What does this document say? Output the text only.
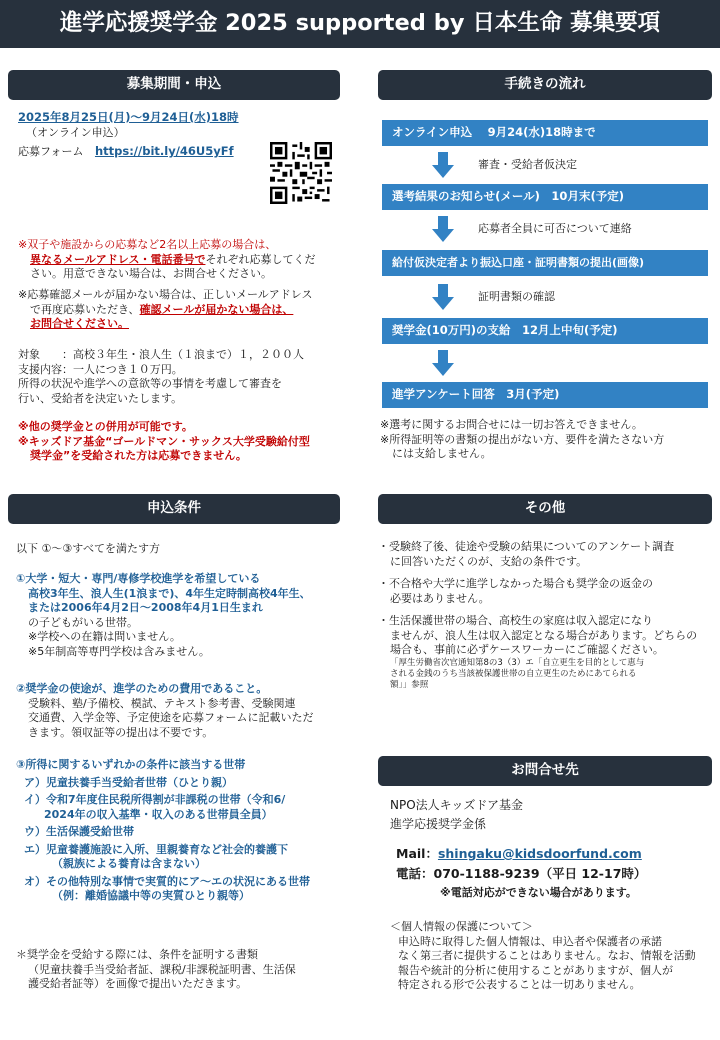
進学応援奨学金 2025 supported by 日本生命 募集要項
募集期間・申込
2025年8月25日(月)～9月24日(水)18時
（オンライン申込）
応募フォーム https://bit.ly/46U5yFf
※双子や施設からの応募など2名以上応募の場合は、
異なるメールアドレス・電話番号でそれぞれ応募してくだ
さい。用意できない場合は、お問合せください。
※応募確認メールが届かない場合は、正しいメールアドレス
で再度応募いただき、確認メールが届かない場合は、
お問合せください。
対象　　：高校３年生・浪人生（１浪まで）１，２００人
支援内容：一人につき１０万円。
所得の状況や進学への意欲等の事情を考慮して審査を
行い、受給者を決定いたします。
※他の奨学金との併用が可能です。
※キッズドア基金“ゴールドマン・サックス大学受験給付型
奨学金”を受給された方は応募できません。
申込条件
以下 ①～③すべてを満たす方
①大学・短大・専門/専修学校進学を希望している
高校3年生、浪人生(1浪まで)、4年生定時制高校4年生、
または2006年4月2日～2008年4月1日生まれ
の子どもがいる世帯。
※学校への在籍は問いません。
※5年制高等専門学校は含みません。
②奨学金の使途が、進学のための費用であること。
受験料、塾/予備校、模試、テキスト参考書、受験関連
交通費、入学金等、予定使途を応募フォームに記載いただ
きます。領収証等の提出は不要です。
③所得に関するいずれかの条件に該当する世帯
ア）児童扶養手当受給者世帯（ひとり親）
イ）令和7年度住民税所得割が非課税の世帯（令和6/
2024年の収入基準・収入のある世帯員全員）
ウ）生活保護受給世帯
エ）児童養護施設に入所、里親養育など社会的養護下
（親族による養育は含まない）
オ）その他特別な事情で実質的にア～エの状況にある世帯
（例：離婚協議中等の実質ひとり親等）
＊奨学金を受給する際には、条件を証明する書類
（児童扶養手当受給者証、課税/非課税証明書、生活保
護受給者証等）を画像で提出いただきます。
手続きの流れ
オンライン申込　 9月24(水)18時まで
審査・受給者仮決定
選考結果のお知らせ(メール)　10月末(予定)
応募者全員に可否について連絡
給付仮決定者より振込口座・証明書類の提出(画像)
証明書類の確認
奨学金(10万円)の支給　12月上中旬(予定)
進学アンケート回答　3月(予定)
※選考に関するお問合せには一切お答えできません。
※所得証明等の書類の提出がない方、要件を満たさない方
には支給しません。
その他
・受験終了後、徒途や受験の結果についてのアンケート調査
に回答いただくのが、支給の条件です。
・不合格や大学に進学しなかった場合も奨学金の返金の
必要はありません。
・生活保護世帯の場合、高校生の家庭は収入認定になり
ませんが、浪人生は収入認定となる場合があります。どちらの
場合も、事前に必ずケースワーカーにご確認ください。
「厚生労働省次官通知第8の3（3）エ「自立更生を目的として恵与
される金銭のうち当該被保護世帯の自立更生のためにあてられる
額」」参照
お問合せ先
NPO法人キッズドア基金
進学応援奨学金係
Mail：shingaku@kidsdoorfund.com
電話：070-1188-9239（平日 12-17時）
※電話対応ができない場合があります。
＜個人情報の保護について＞
申込時に取得した個人情報は、申込者や保護者の承諾
なく第三者に提供することはありません。なお、情報を活動
報告や統計的分析に使用することがありますが、個人が
特定される形で公表することは一切ありません。
